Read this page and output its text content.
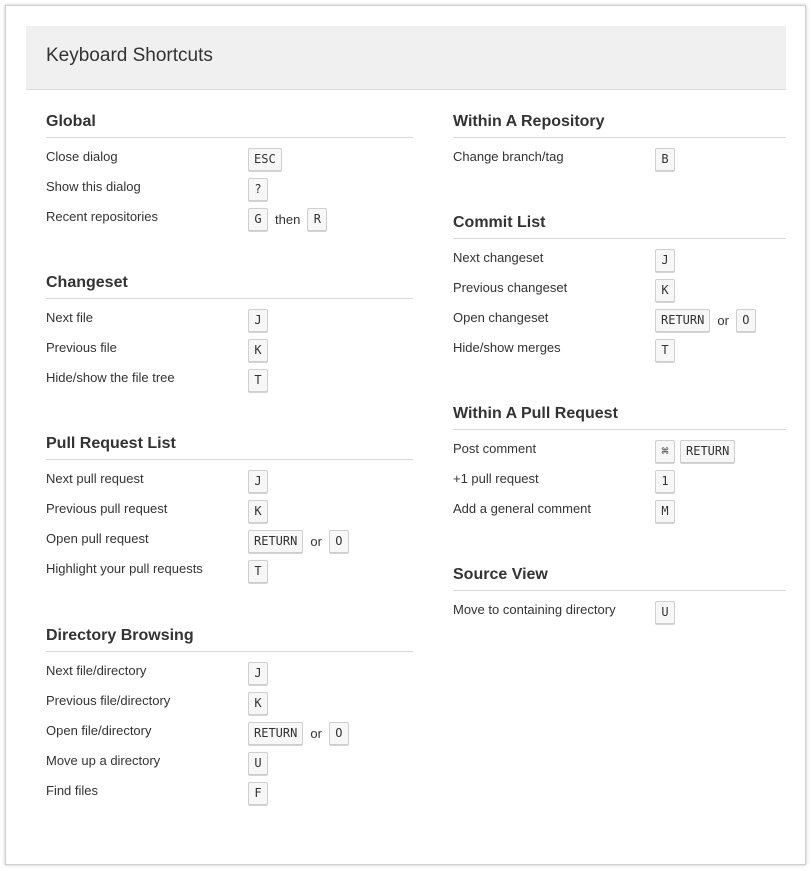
Keyboard Shortcuts
Global
Close dialog	ESC
Show this dialog	?
Recent repositories	G	then	R
Changeset
Next file	J
Previous file	K
Hide/show the file tree	T
Pull Request List
Next pull request	J
Previous pull request	K
Open pull request	RETURN	or	O
Highlight your pull requests	T
Directory Browsing
Next file/directory	J
Previous file/directory	K
Open file/directory	RETURN	or	O
Move up a directory	U
Find files	F
Within A Repository
Change branch/tag	B
Commit List
Next changeset	J
Previous changeset	K
Open changeset	RETURN	or	O
Hide/show merges	T
Within A Pull Request
Post comment	⌘	RETURN
+1 pull request	1
Add a general comment	M
Source View
Move to containing directory	U
